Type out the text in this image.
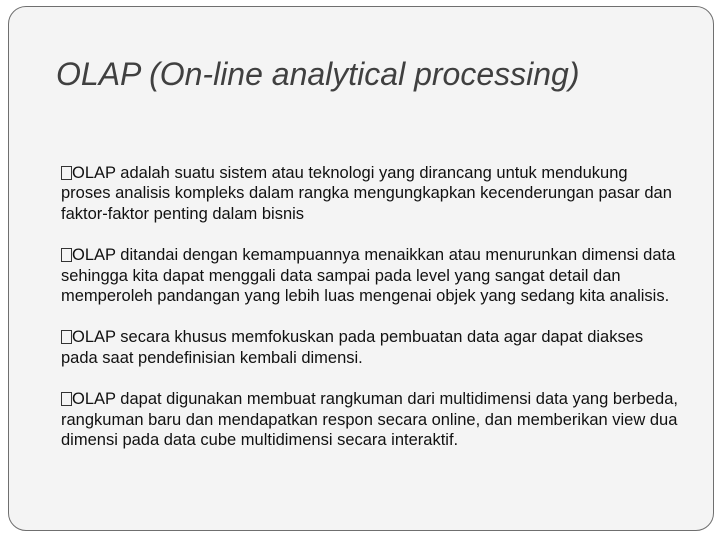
OLAP (On-line analytical processing)
OLAP adalah suatu sistem atau teknologi yang dirancang untuk mendukung proses analisis kompleks dalam rangka mengungkapkan kecenderungan pasar dan faktor-faktor penting dalam bisnis
OLAP ditandai dengan kemampuannya menaikkan atau menurunkan dimensi data sehingga kita dapat menggali data sampai pada level yang sangat detail dan memperoleh pandangan yang lebih luas mengenai objek yang sedang kita analisis.
OLAP secara khusus memfokuskan pada pembuatan data agar dapat diakses pada saat pendefinisian kembali dimensi.
OLAP dapat digunakan membuat rangkuman dari multidimensi data yang berbeda, rangkuman baru dan mendapatkan respon secara online, dan memberikan view dua dimensi pada data cube multidimensi secara interaktif.
